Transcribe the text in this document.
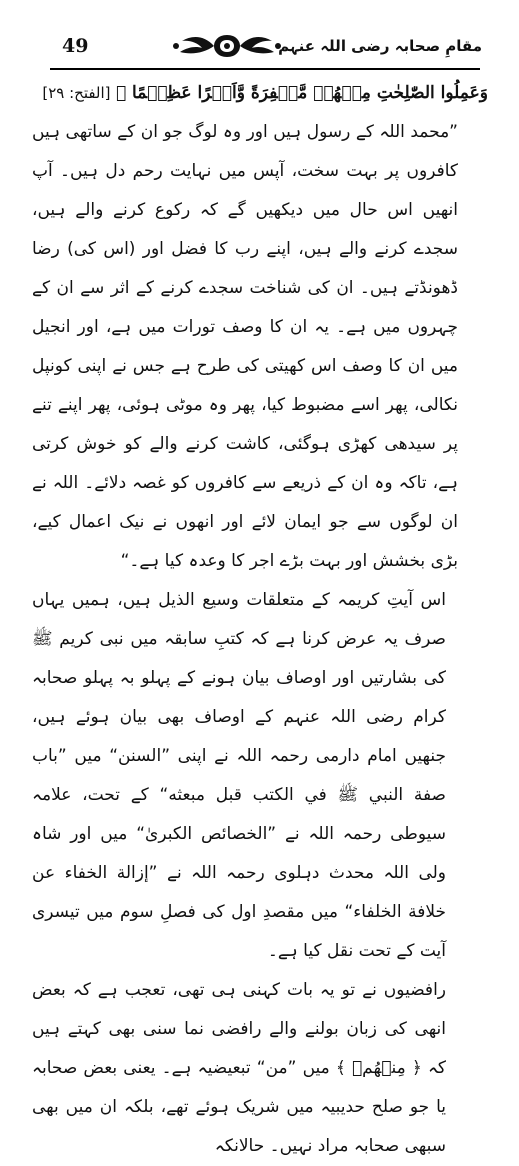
49	مقامِ صحابہ رضی اللہ عنہم

وَعَمِلُوا الصّٰلِحٰتِ مِنۡهُمۡ مَّغۡفِرَةً وَّاَجۡرًا عَظِيۡمًا ﴾ [الفتح: ۲۹]

”محمد اللہ کے رسول ہیں اور وہ لوگ جو ان کے ساتھی ہیں کافروں پر بہت سخت، آپس میں نہایت رحم دل ہیں۔ آپ انھیں اس حال میں دیکھیں گے کہ رکوع کرنے والے ہیں، سجدے کرنے والے ہیں، اپنے رب کا فضل اور (اس کی) رضا ڈھونڈتے ہیں۔ ان کی شناخت سجدے کرنے کے اثر سے ان کے چہروں میں ہے۔ یہ ان کا وصف تورات میں ہے، اور انجیل میں ان کا وصف اس کھیتی کی طرح ہے جس نے اپنی کونپل نکالی، پھر اسے مضبوط کیا، پھر وہ موٹی ہوئی، پھر اپنے تنے پر سیدھی کھڑی ہوگئی، کاشت کرنے والے کو خوش کرتی ہے، تاکہ وہ ان کے ذریعے سے کافروں کو غصہ دلائے۔ اللہ نے ان لوگوں سے جو ایمان لائے اور انھوں نے نیک اعمال کیے، بڑی بخشش اور بہت بڑے اجر کا وعدہ کیا ہے۔“

اس آیتِ کریمہ کے متعلقات وسیع الذیل ہیں، ہمیں یہاں صرف یہ عرض کرنا ہے کہ کتبِ سابقہ میں نبی کریم ﷺ کی بشارتیں اور اوصاف بیان ہونے کے پہلو بہ پہلو صحابہ کرام رضی اللہ عنہم کے اوصاف بھی بیان ہوئے ہیں، جنھیں امام دارمی رحمہ اللہ نے اپنی ”السنن“ میں ”باب صفة النبي ﷺ في الكتب قبل مبعثه“ کے تحت، علامہ سیوطی رحمہ اللہ نے ”الخصائص الكبرىٰ“ میں اور شاہ ولی اللہ محدث دہلوی رحمہ اللہ نے ”إزالة الخفاء عن خلافة الخلفاء“ میں مقصدِ اول کی فصلِ سوم میں تیسری آیت کے تحت نقل کیا ہے۔

رافضیوں نے تو یہ بات کہنی ہی تھی، تعجب ہے کہ بعض انھی کی زبان بولنے والے رافضی نما سنی بھی کہتے ہیں کہ ﴿ مِنۡهُمۡ ﴾ میں ”من“ تبعیضیہ ہے۔ یعنی بعض صحابہ یا جو صلح حدیبیہ میں شریک ہوئے تھے، بلکہ ان میں بھی سبھی صحابہ مراد نہیں۔ حالانکہ
